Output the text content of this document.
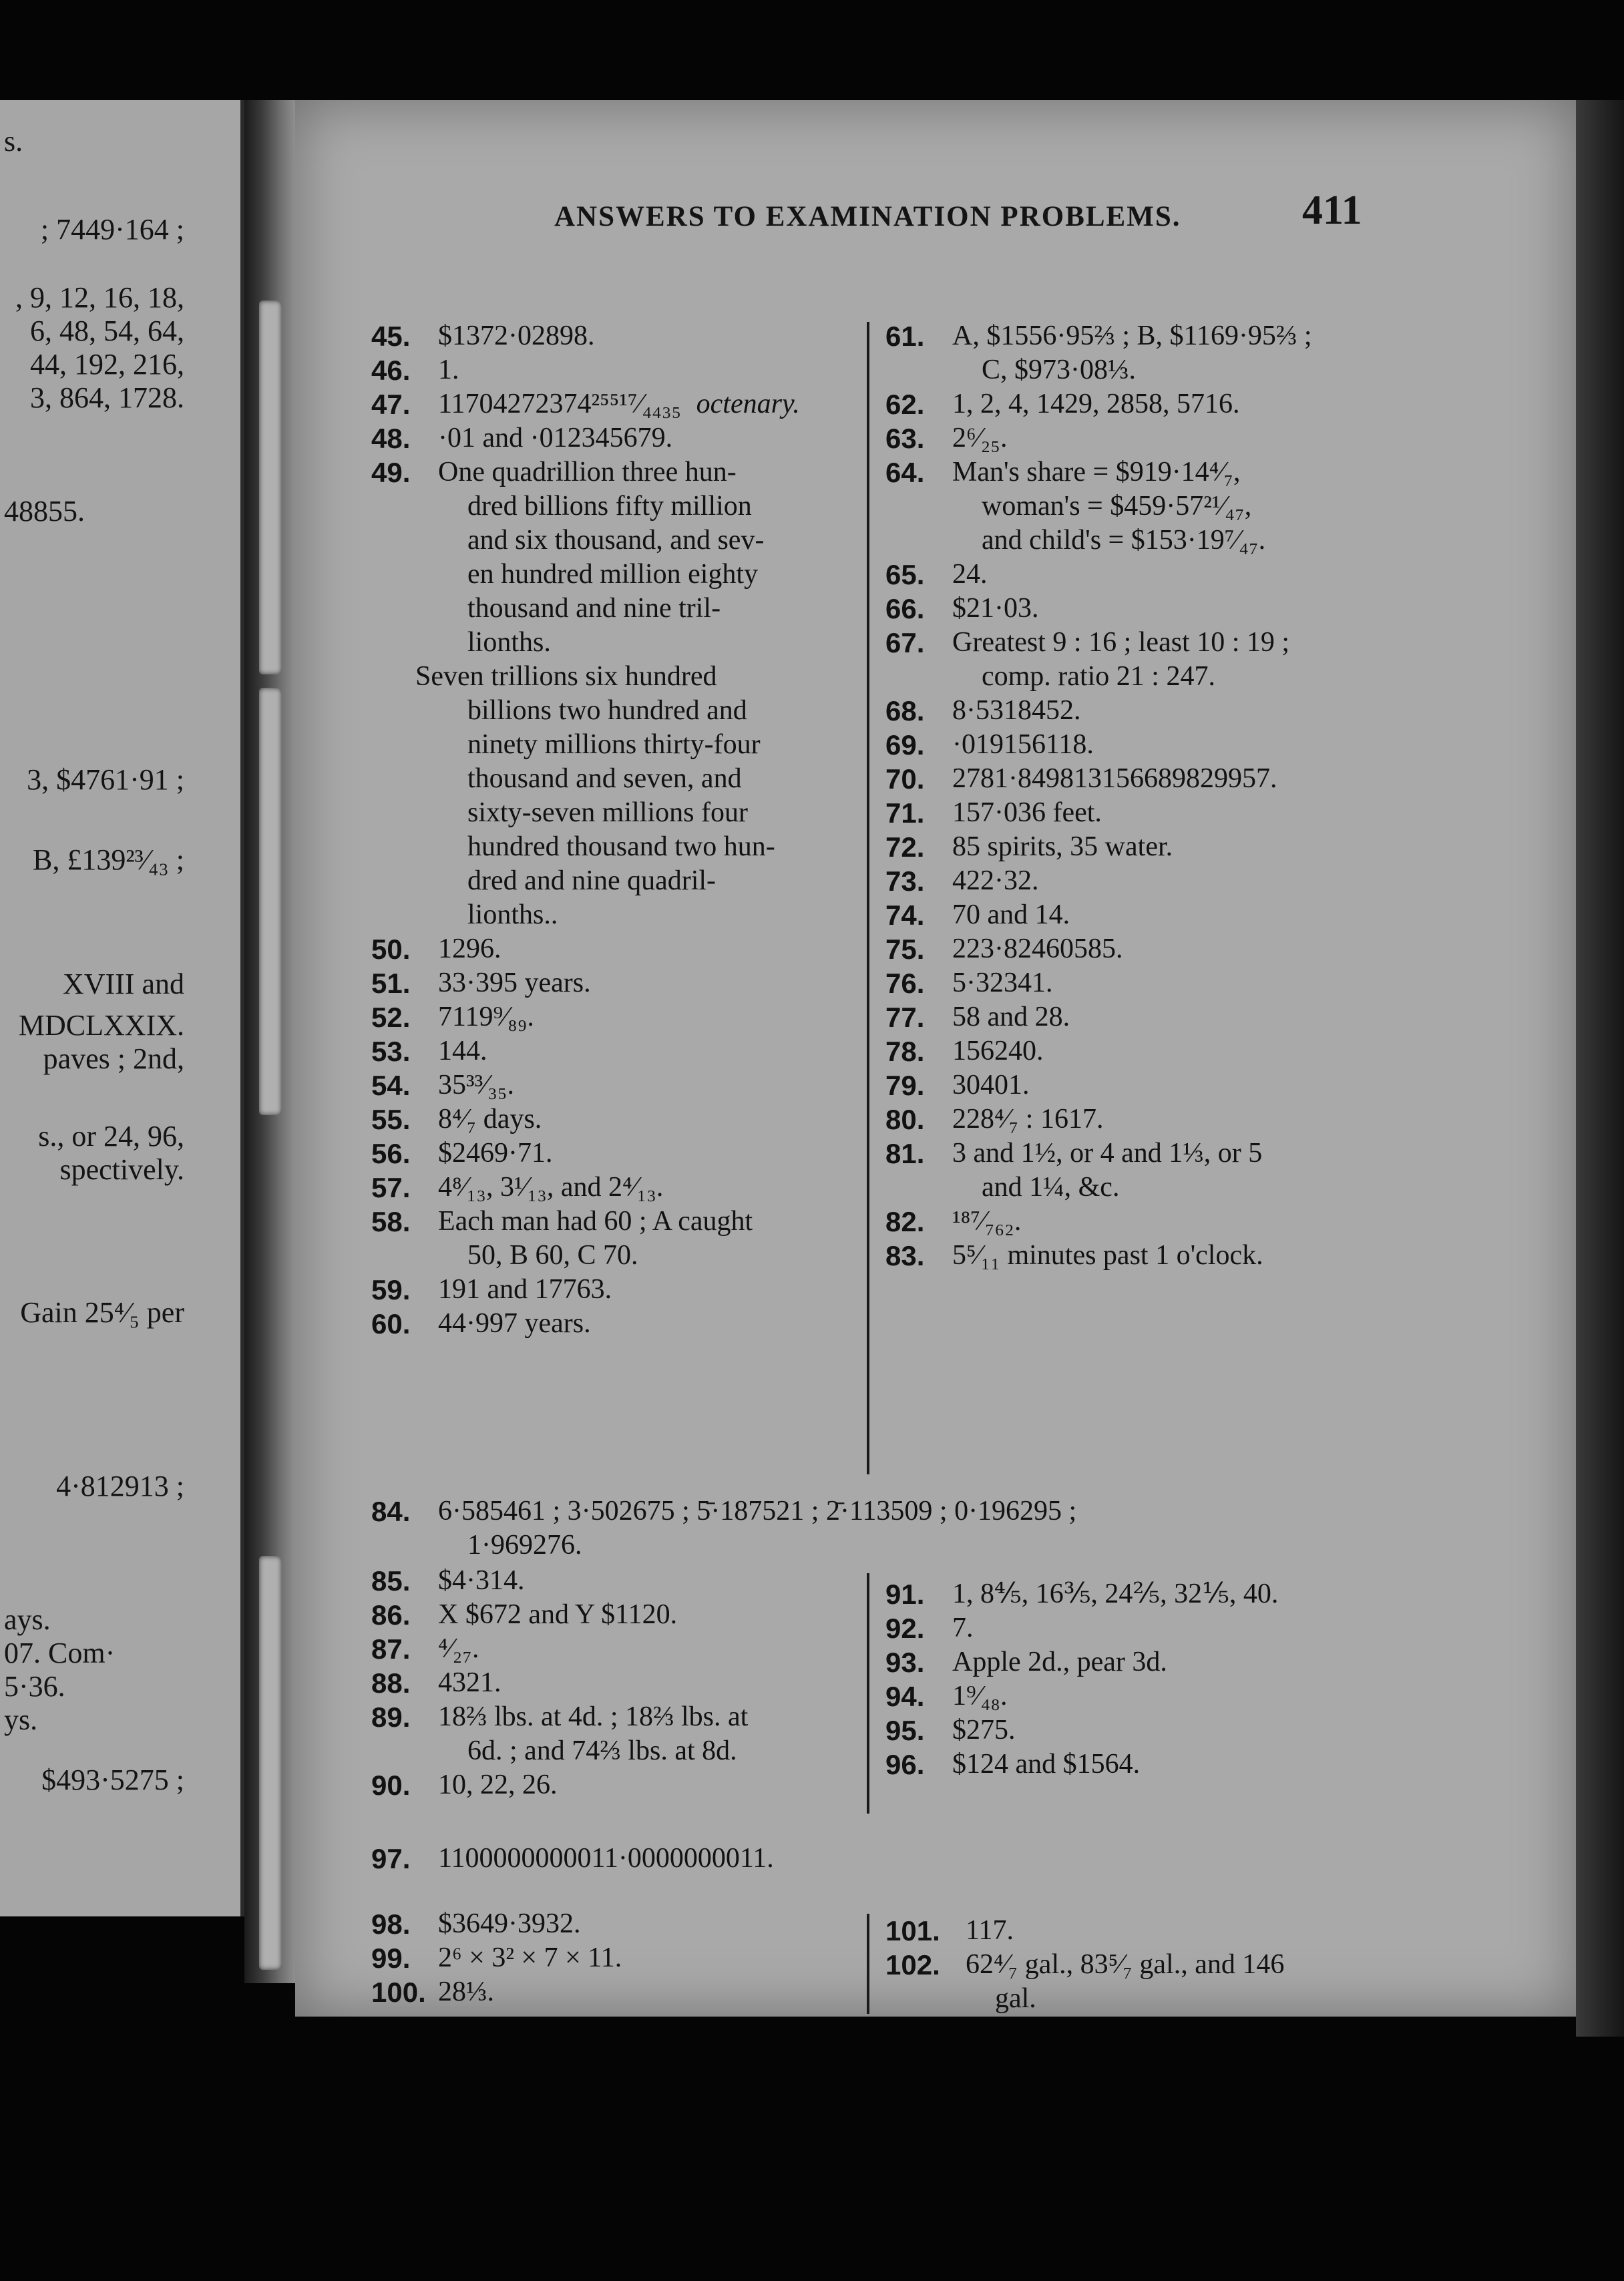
s.
; 7449·164 ;
, 9, 12, 16, 18,
6, 48, 54, 64,
44, 192, 216,
3, 864, 1728.
48855.
3, $4761·91 ;
B, £139²³⁄₄₃ ;
XVIII and
MDCLXXIX.
paves ; 2nd,
s., or 24, 96,
spectively.
Gain 25⁴⁄₅ per
4·812913 ;
ays.
07. Com·
5·36.
ys.
$493·5275 ;
ANSWERS TO EXAMINATION PROBLEMS.	411
45. $1372·02898.
46. 1.
47. 11704272374²⁵⁵¹⁷⁄₄₄₃₅ octenary.
48. ·01 and ·012345679.
49. One quadrillion three hun-
dred billions fifty million
and six thousand, and sev-
en hundred million eighty
thousand and nine tril-
lionths.
Seven trillions six hundred
billions two hundred and
ninety millions thirty-four
thousand and seven, and
sixty-seven millions four
hundred thousand two hun-
dred and nine quadril-
lionths..
50. 1296.
51. 33·395 years.
52. 7119⁹⁄₈₉.
53. 144.
54. 35³³⁄₃₅.
55. 8⁴⁄₇ days.
56. $2469·71.
57. 4⁸⁄₁₃, 3¹⁄₁₃, and 2⁴⁄₁₃.
58. Each man had 60 ; A caught
50, B 60, C 70.
59. 191 and 17763.
60. 44·997 years.
61. A, $1556·95⅔ ; B, $1169·95⅔ ;
C, $973·08⅓.
62. 1, 2, 4, 1429, 2858, 5716.
63. 2⁶⁄₂₅.
64. Man's share = $919·14⁴⁄₇,
woman's = $459·57²¹⁄₄₇,
and child's = $153·19⁷⁄₄₇.
65. 24.
66. $21·03.
67. Greatest 9 : 16 ; least 10 : 19 ;
comp. ratio 21 : 247.
68. 8·5318452.
69. ·019156118.
70. 2781·849813156689829957.
71. 157·036 feet.
72. 85 spirits, 35 water.
73. 422·32.
74. 70 and 14.
75. 223·82460585.
76. 5·32341.
77. 58 and 28.
78. 156240.
79. 30401.
80. 228⁴⁄₇ : 1617.
81. 3 and 1½, or 4 and 1⅓, or 5
and 1¼, &c.
82. ¹⁸⁷⁄₇₆₂.
83. 5⁵⁄₁₁ minutes past 1 o'clock.
84. 6·585461 ; 3·502675 ; 5̄·187521 ; 2̄·113509 ; 0·196295 ;
1·969276.
85. $4·314.
86. X $672 and Y $1120.
87. ⁴⁄₂₇.
88. 4321.
89. 18⅔ lbs. at 4d. ; 18⅔ lbs. at
6d. ; and 74⅔ lbs. at 8d.
90. 10, 22, 26.
91. 1, 8⅘, 16⅗, 24⅖, 32⅕, 40.
92. 7.
93. Apple 2d., pear 3d.
94. 1⁹⁄₄₈.
95. $275.
96. $124 and $1564.
97. 1100000000011·0000000011.
98. $3649·3932.
99. 2⁶ × 3² × 7 × 11.
100. 28⅓.
101. 117.
102. 62⁴⁄₇ gal., 83⁵⁄₇ gal., and 146
gal.
